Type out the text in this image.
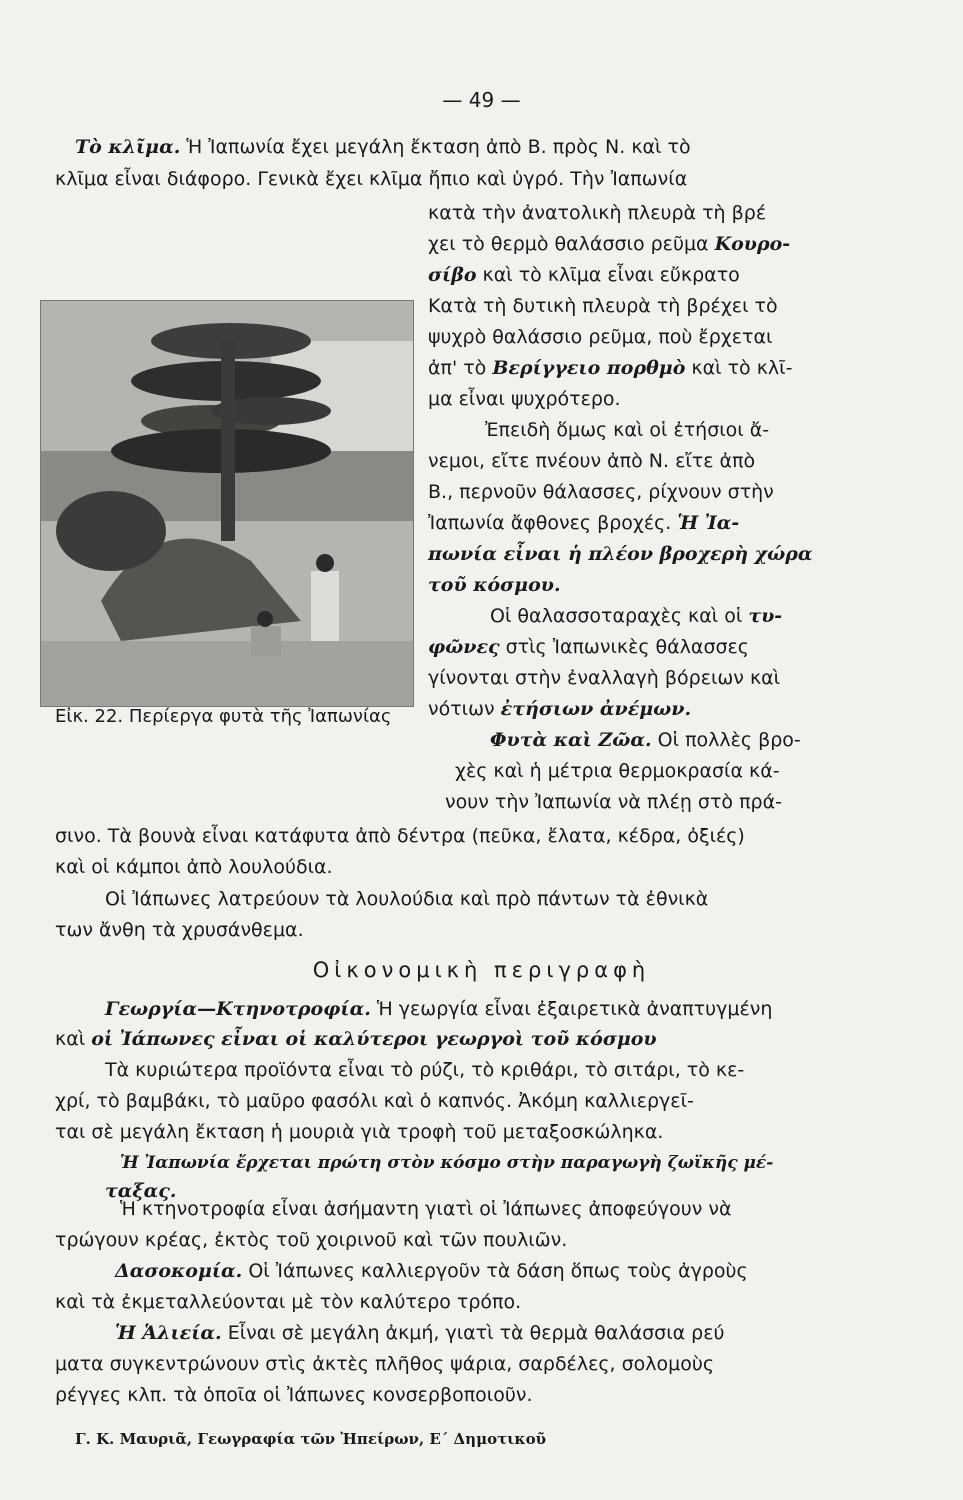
— 49 —
Τὸ κλῖμα. Ἡ Ἰαπωνία ἔχει μεγάλη ἔκταση ἀπὸ Β. πρὸς Ν. καὶ τὸ
κλῖμα εἶναι διάφορο. Γενικὰ ἔχει κλῖμα ἤπιο καὶ ὑγρό. Τὴν Ἰαπωνία
κατὰ τὴν ἀνατολικὴ πλευρὰ τὴ βρέ
χει τὸ θερμὸ θαλάσσιο ρεῦμα Κουρο-
σίβο καὶ τὸ κλῖμα εἶναι εὔκρατο
Κατὰ τὴ δυτικὴ πλευρὰ τὴ βρέχει τὸ
ψυχρὸ θαλάσσιο ρεῦμα, ποὺ ἔρχεται
ἀπ' τὸ Βερίγγειο πορθμὸ καὶ τὸ κλῖ-
μα εἶναι ψυχρότερο.
Ἐπειδὴ ὅμως καὶ οἱ ἐτήσιοι ἄ-
νεμοι, εἴτε πνέουν ἀπὸ Ν. εἴτε ἀπὸ
Β., περνοῦν θάλασσες, ρίχνουν στὴν
Ἰαπωνία ἄφθονες βροχές. Ἡ Ἰα-
πωνία εἶναι ἡ πλέον βροχερὴ χώρα
τοῦ κόσμου.
Οἱ θαλασσοταραχὲς καὶ οἱ τυ-
φῶνες στὶς Ἰαπωνικὲς θάλασσες
γίνονται στὴν ἐναλλαγὴ βόρειων καὶ
νότιων ἐτήσιων ἀνέμων.
Φυτὰ καὶ Ζῶα. Οἱ πολλὲς βρο-
χὲς καὶ ἡ μέτρια θερμοκρασία κά-
νουν τὴν Ἰαπωνία νὰ πλέῃ στὸ πρά-
Εἰκ. 22. Περίεργα φυτὰ τῆς Ἰαπωνίας
σινο. Τὰ βουνὰ εἶναι κατάφυτα ἀπὸ δέντρα (πεῦκα, ἔλατα, κέδρα, ὀξιές)
καὶ οἱ κάμποι ἀπὸ λουλούδια.
Οἱ Ἰάπωνες λατρεύουν τὰ λουλούδια καὶ πρὸ πάντων τὰ ἐθνικὰ
των ἄνθη τὰ χρυσάνθεμα.
Οἰκονομικὴ περιγραφὴ
Γεωργία—Κτηνοτροφία. Ἡ γεωργία εἶναι ἐξαιρετικὰ ἀναπτυγμένη
καὶ οἱ Ἰάπωνες εἶναι οἱ καλύτεροι γεωργοὶ τοῦ κόσμου
Τὰ κυριώτερα προϊόντα εἶναι τὸ ρύζι, τὸ κριθάρι, τὸ σιτάρι, τὸ κε-
χρί, τὸ βαμβάκι, τὸ μαῦρο φασόλι καὶ ὁ καπνός. Ἀκόμη καλλιεργεῖ-
ται σὲ μεγάλη ἔκταση ἡ μουριὰ γιὰ τροφὴ τοῦ μεταξοσκώληκα.
Ἡ Ἰαπωνία ἔρχεται πρώτη στὸν κόσμο στὴν παραγωγὴ ζωϊκῆς μέ-
ταξας.
Ἡ κτηνοτροφία εἶναι ἀσήμαντη γιατὶ οἱ Ἰάπωνες ἀποφεύγουν νὰ
τρώγουν κρέας, ἐκτὸς τοῦ χοιρινοῦ καὶ τῶν πουλιῶν.
Δασοκομία. Οἱ Ἰάπωνες καλλιεργοῦν τὰ δάση ὅπως τοὺς ἀγροὺς
καὶ τὰ ἐκμεταλλεύονται μὲ τὸν καλύτερο τρόπο.
Ἡ Ἁλιεία. Εἶναι σὲ μεγάλη ἀκμή, γιατὶ τὰ θερμὰ θαλάσσια ρεύ
ματα συγκεντρώνουν στὶς ἀκτὲς πλῆθος ψάρια, σαρδέλες, σολομοὺς
ρέγγες κλπ. τὰ ὁποῖα οἱ Ἰάπωνες κονσερβοποιοῦν.
Γ. Κ. Μαυριᾶ, Γεωγραφία τῶν Ἠπείρων, Ε΄ Δημοτικοῦ
